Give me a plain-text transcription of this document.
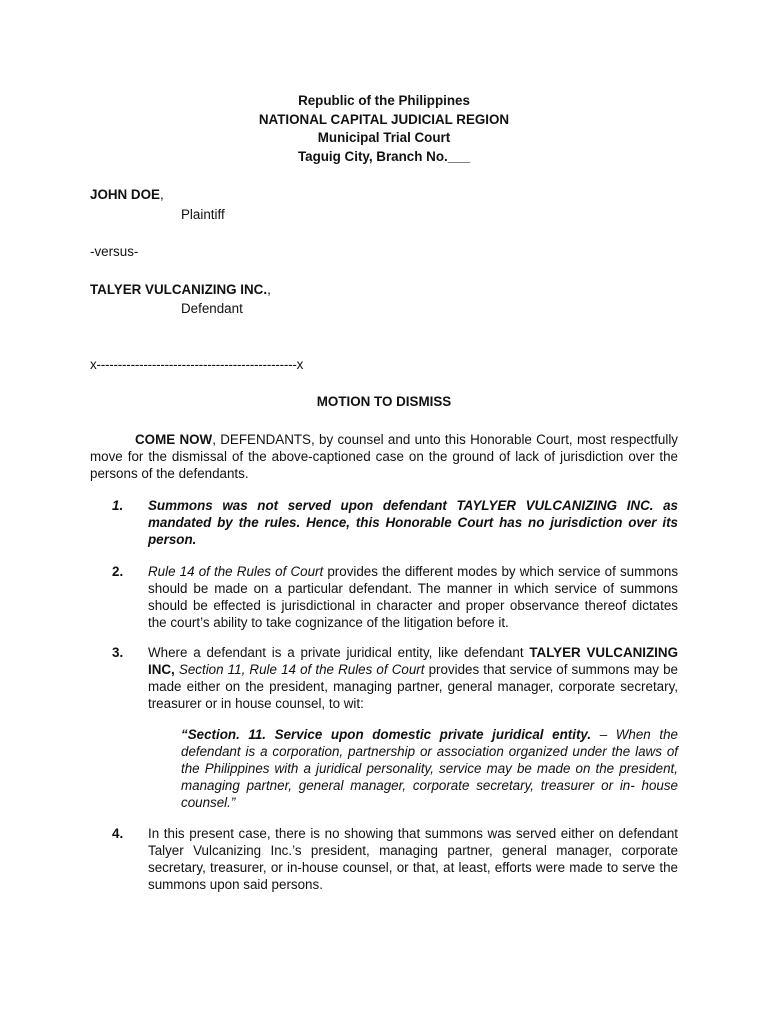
Republic of the Philippines
NATIONAL CAPITAL JUDICIAL REGION
Municipal Trial Court
Taguig City, Branch No.___
JOHN DOE,
Plaintiff
-versus-
TALYER VULCANIZING INC.,
Defendant
x-----------------------------------------------x
MOTION TO DISMISS
COME NOW, DEFENDANTS, by counsel and unto this Honorable Court, most respectfully move for the dismissal of the above-captioned case on the ground of lack of jurisdiction over the persons of the defendants.
1. Summons was not served upon defendant TAYLYER VULCANIZING INC. as mandated by the rules. Hence, this Honorable Court has no jurisdiction over its person.
2. Rule 14 of the Rules of Court provides the different modes by which service of summons should be made on a particular defendant. The manner in which service of summons should be effected is jurisdictional in character and proper observance thereof dictates the court’s ability to take cognizance of the litigation before it.
3. Where a defendant is a private juridical entity, like defendant TALYER VULCANIZING INC, Section 11, Rule 14 of the Rules of Court provides that service of summons may be made either on the president, managing partner, general manager, corporate secretary, treasurer or in house counsel, to wit:
“Section. 11. Service upon domestic private juridical entity. – When the defendant is a corporation, partnership or association organized under the laws of the Philippines with a juridical personality, service may be made on the president, managing partner, general manager, corporate secretary, treasurer or in- house counsel.”
4. In this present case, there is no showing that summons was served either on defendant Talyer Vulcanizing Inc.’s president, managing partner, general manager, corporate secretary, treasurer, or in-house counsel, or that, at least, efforts were made to serve the summons upon said persons.
